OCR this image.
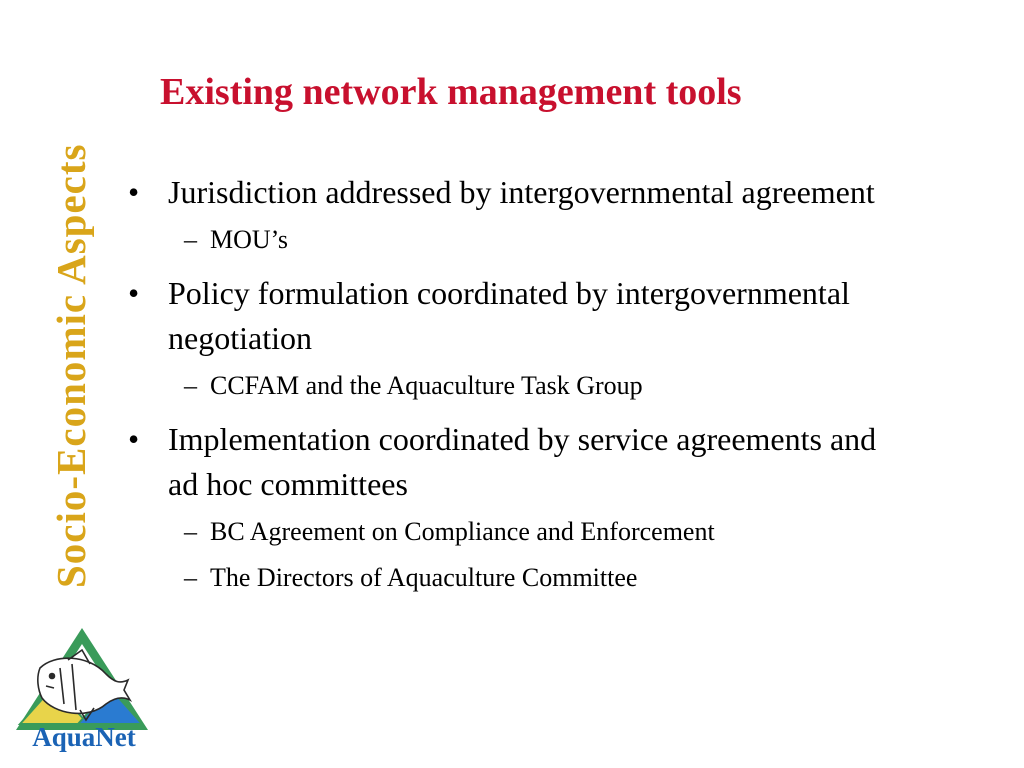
Socio-Economic Aspects
Existing network management tools
• Jurisdiction addressed by intergovernmental agreement
– MOU’s
• Policy formulation coordinated by intergovernmental negotiation
– CCFAM and the Aquaculture Task Group
• Implementation coordinated by service agreements and ad hoc committees
– BC Agreement on Compliance and Enforcement
– The Directors of Aquaculture Committee
AquaNet
